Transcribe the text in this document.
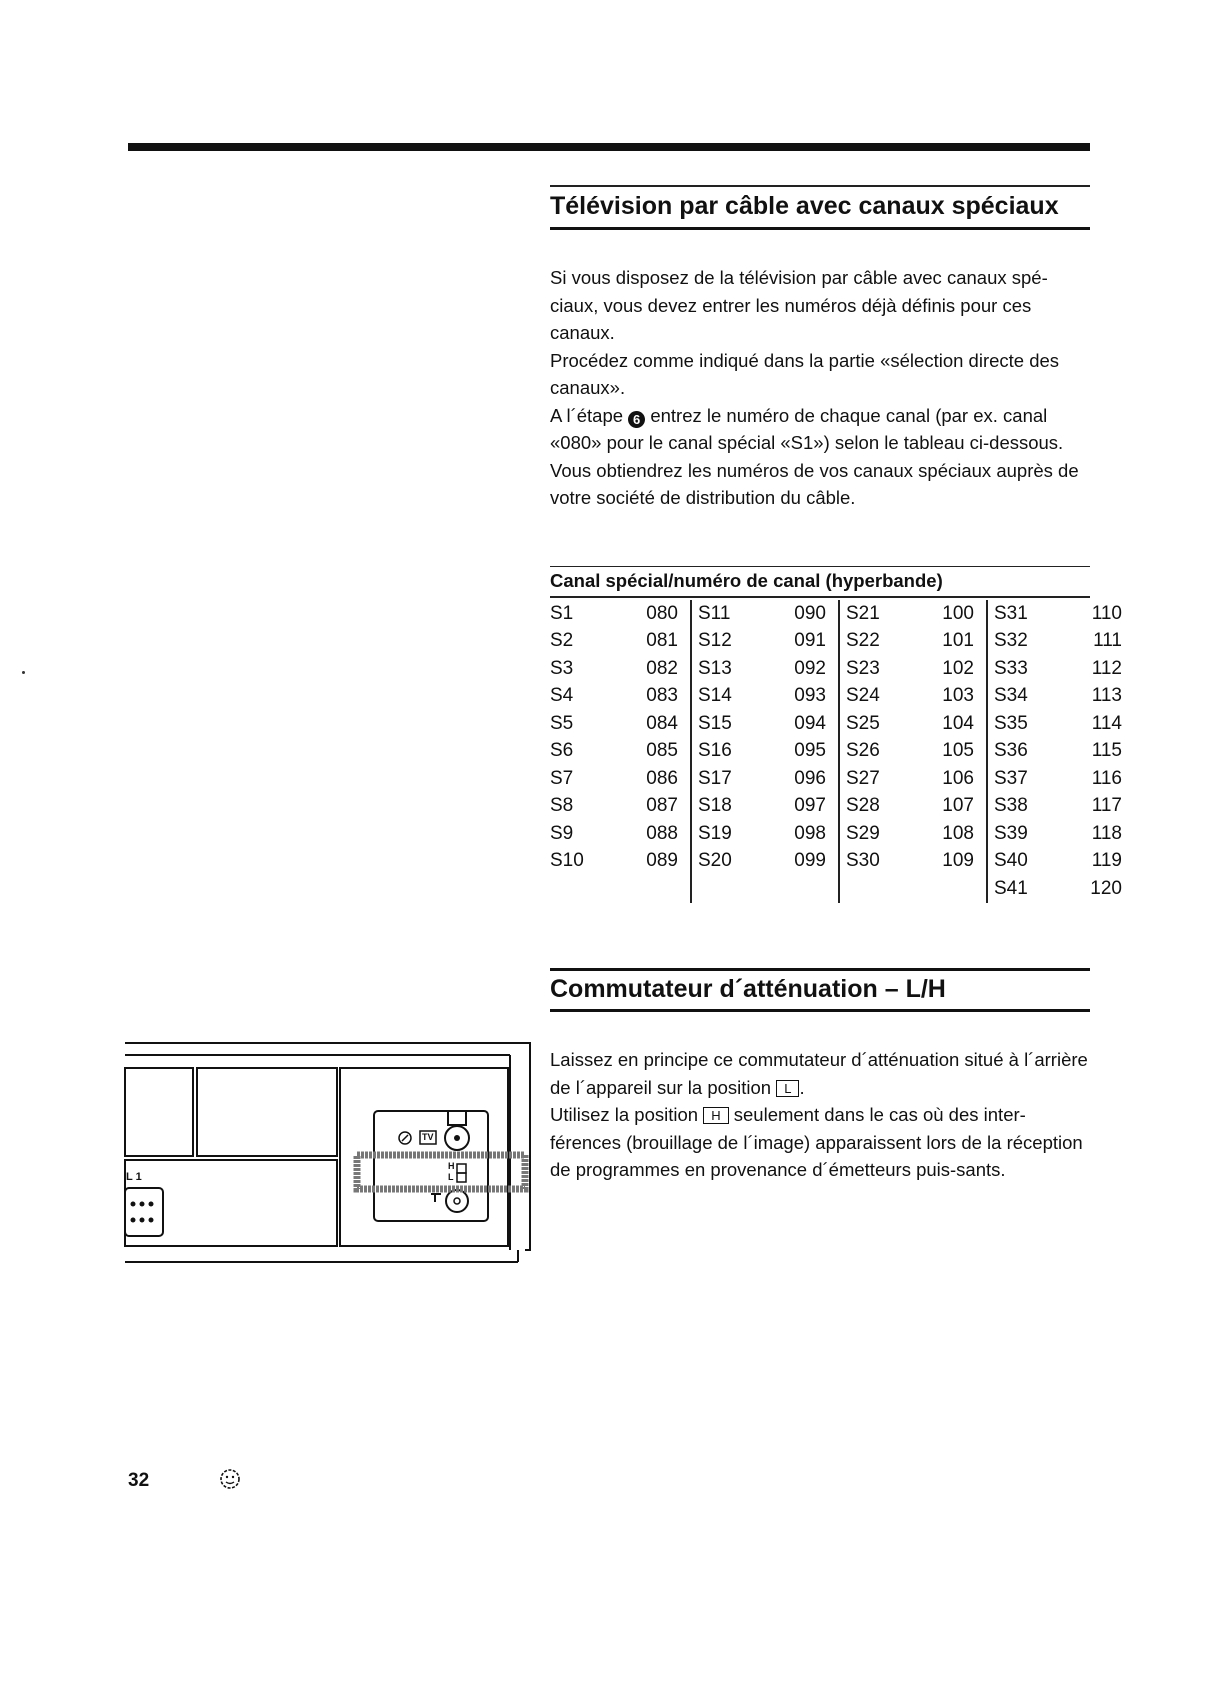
Télévision par câble avec canaux spéciaux

Si vous disposez de la télévision par câble avec canaux spé-ciaux, vous devez entrer les numéros déjà définis pour ces canaux.

Procédez comme indiqué dans la partie «sélection directe des canaux».

A l´étape 6 entrez le numéro de chaque canal (par ex. canal «080» pour le canal spécial «S1») selon le tableau ci-dessous.

Vous obtiendrez les numéros de vos canaux spéciaux auprès de votre société de distribution du câble.

Canal spécial/numéro de canal (hyperbande)
S1	080	S11	090	S21	100	S31	110
S2	081	S12	091	S22	101	S32	111
S3	082	S13	092	S23	102	S33	112
S4	083	S14	093	S24	103	S34	113
S5	084	S15	094	S25	104	S35	114
S6	085	S16	095	S26	105	S36	115
S7	086	S17	096	S27	106	S37	116
S8	087	S18	097	S28	107	S38	117
S9	088	S19	098	S29	108	S39	118
S10	089	S20	099	S30	109	S40	119
						S41	120
Commutateur d´atténuation – L/H

Laissez en principe ce commutateur d´atténuation situé à l´arrière de l´appareil sur la position L .

Utilisez la position H seulement dans le cas où des inter-férences (brouillage de l´image) apparaissent lors de la réception de programmes en provenance d´émetteurs puis-sants.

L 1
TV
H
L
32
